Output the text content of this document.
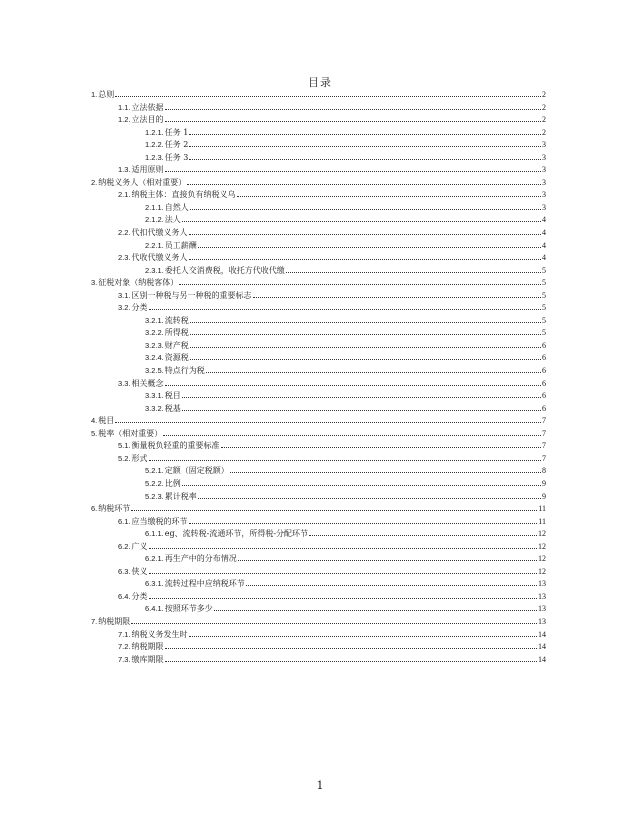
目录
1. 总则	2
1.1. 立法依据	2
1.2. 立法目的	2
1.2.1. 任务 1	2
1.2.2. 任务 2	3
1.2.3. 任务 3	3
1.3. 适用原则	3
2. 纳税义务人（相对重要）	3
2.1. 纳税主体：直接负有纳税义乌	3
2.1.1. 自然人	3
2.1.2. 法人	4
2.2. 代扣代缴义务人	4
2.2.1. 员工薪酬	4
2.3. 代收代缴义务人	4
2.3.1. 委托人交消费税，收托方代收代缴	5
3. 征税对象（纳税客体）	5
3.1. 区别一种税与另一种税的重要标志	5
3.2. 分类	5
3.2.1. 流转税	5
3.2.2. 所得税	5
3.2.3. 财产税	6
3.2.4. 资源税	6
3.2.5. 特点行为税	6
3.3. 相关概念	6
3.3.1. 税目	6
3.3.2. 税基	6
4. 税目	7
5. 税率（相对重要）	7
5.1. 衡量税负轻重的重要标准	7
5.2. 形式	7
5.2.1. 定额（固定税额）	8
5.2.2. 比例	9
5.2.3. 累计税率	9
6. 纳税环节	11
6.1. 应当缴税的环节	11
6.1.1. eg、流转税-流通环节，所得税-分配环节	12
6.2. 广义	12
6.2.1. 再生产中的分布情况	12
6.3. 侠义	12
6.3.1. 流转过程中应纳税环节	13
6.4. 分类	13
6.4.1. 按照环节多少	13
7. 纳税期限	13
7.1. 纳税义务发生时	14
7.2. 纳税期限	14
7.3. 缴库期限	14
1
